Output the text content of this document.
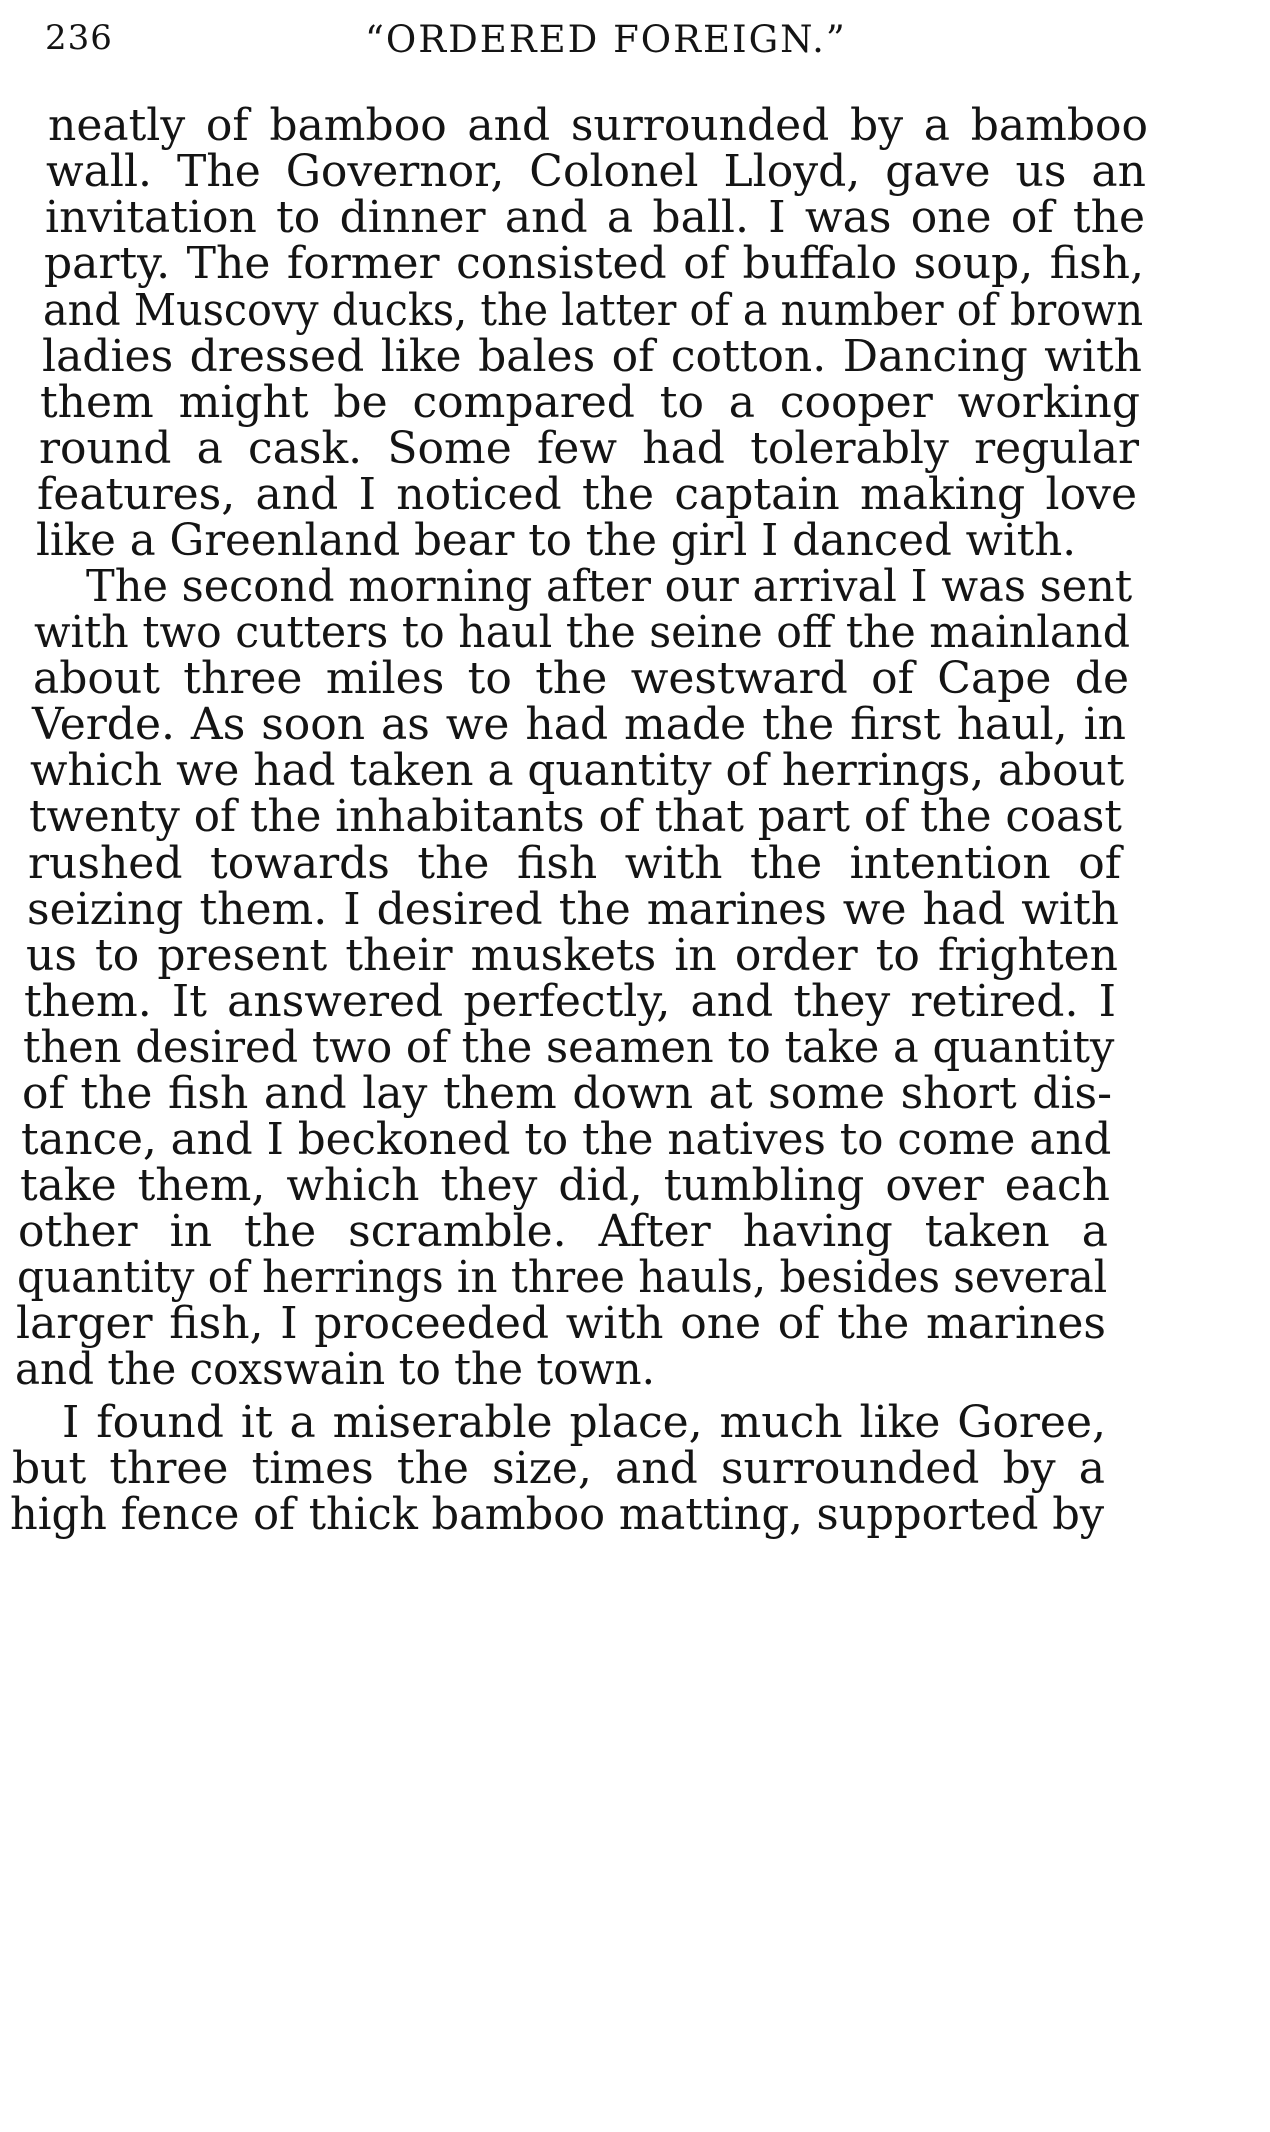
236	“ORDERED FOREIGN.”
neatly of bamboo and surrounded by a bamboo
wall. The Governor, Colonel Lloyd, gave us an
invitation to dinner and a ball. I was one of the
party. The former consisted of buffalo soup, fish,
and Muscovy ducks, the latter of a number of brown
ladies dressed like bales of cotton. Dancing with
them might be compared to a cooper working
round a cask. Some few had tolerably regular
features, and I noticed the captain making love
like a Greenland bear to the girl I danced with.
The second morning after our arrival I was sent
with two cutters to haul the seine off the mainland
about three miles to the westward of Cape de
Verde. As soon as we had made the first haul, in
which we had taken a quantity of herrings, about
twenty of the inhabitants of that part of the coast
rushed towards the fish with the intention of
seizing them. I desired the marines we had with
us to present their muskets in order to frighten
them. It answered perfectly, and they retired. I
then desired two of the seamen to take a quantity
of the fish and lay them down at some short dis-
tance, and I beckoned to the natives to come and
take them, which they did, tumbling over each
other in the scramble. After having taken a
quantity of herrings in three hauls, besides several
larger fish, I proceeded with one of the marines
and the coxswain to the town.
I found it a miserable place, much like Goree,
but three times the size, and surrounded by a
high fence of thick bamboo matting, supported by
